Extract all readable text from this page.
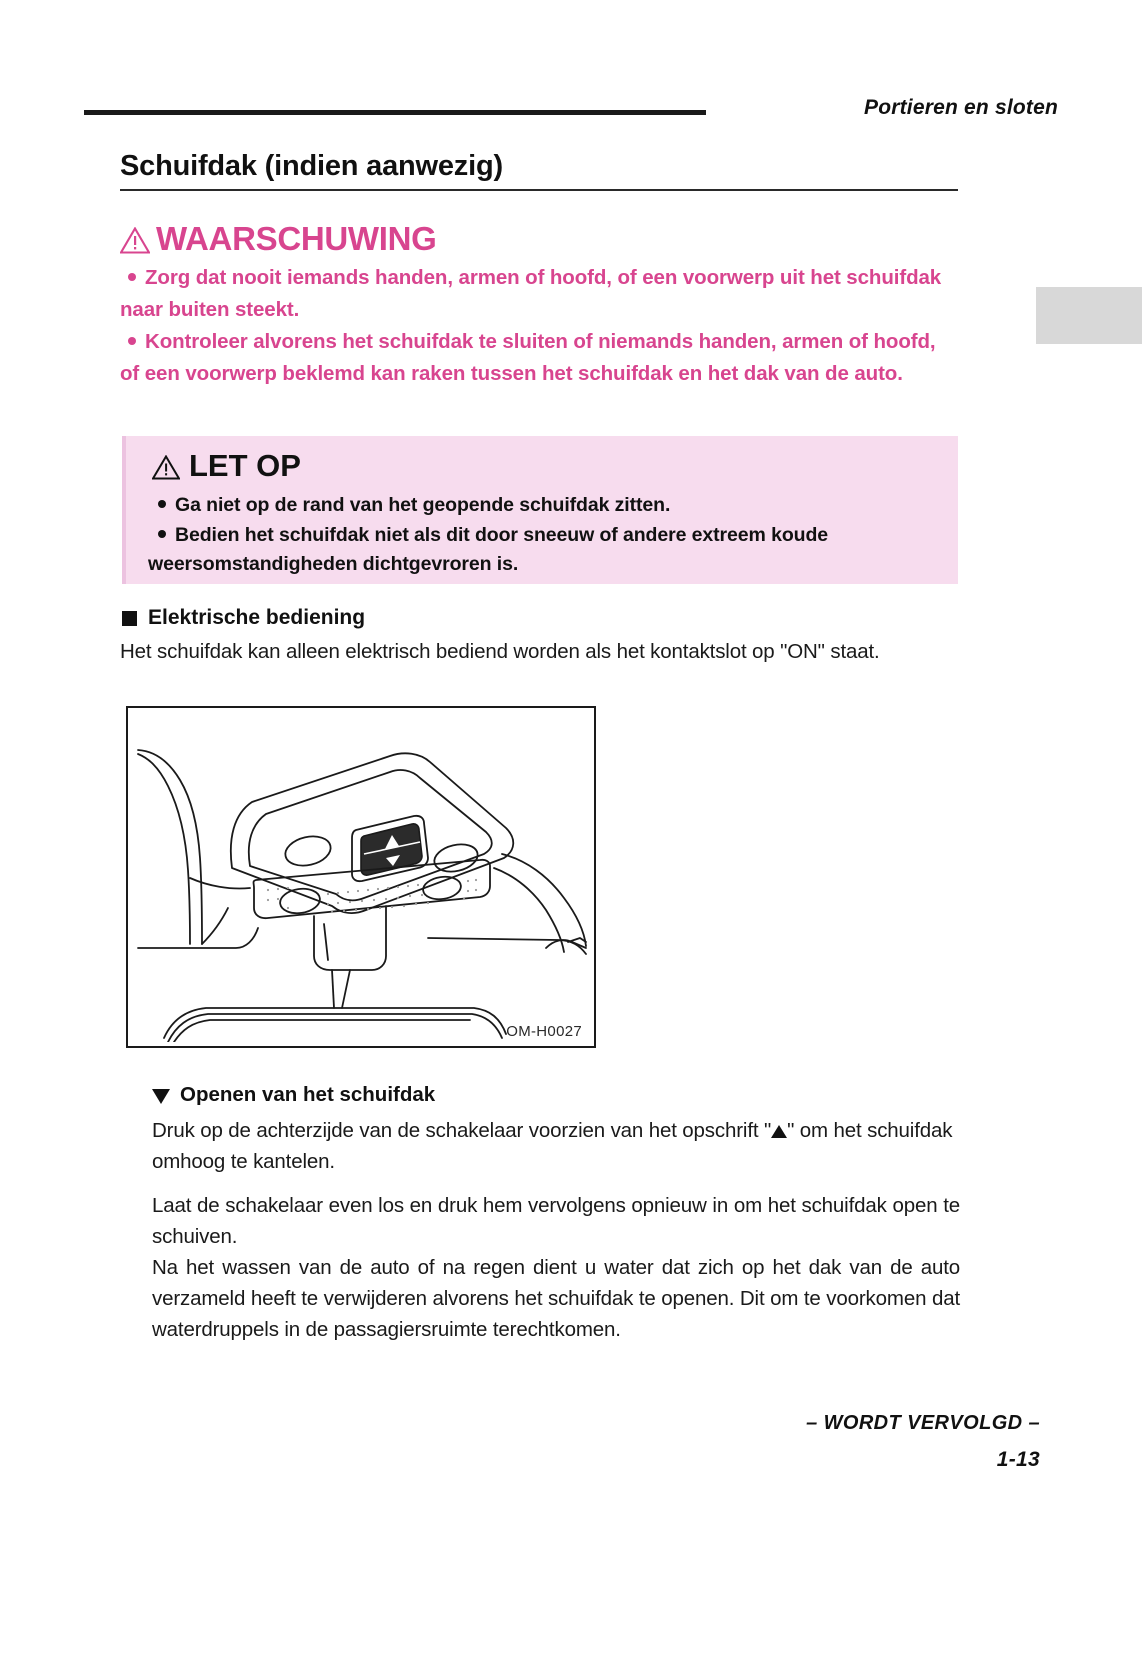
Portieren en sloten
Schuifdak (indien aanwezig)
WAARSCHUWING
Zorg dat nooit iemands handen, armen of hoofd, of een voorwerp uit het schuifdak naar buiten steekt.
Kontroleer alvorens het schuifdak te sluiten of niemands handen, armen of hoofd, of een voorwerp beklemd kan raken tussen het schuifdak en het dak van de auto.
LET OP
Ga niet op de rand van het geopende schuifdak zitten.
Bedien het schuifdak niet als dit door sneeuw of andere extreem koude weersomstandigheden dichtgevroren is.
Elektrische bediening
Het schuifdak kan alleen elektrisch bediend worden als het kontaktslot op "ON" staat.
OM-H0027
Openen van het schuifdak
Druk op de achterzijde van de schakelaar voorzien van het opschrift " " om het schuifdak omhoog te kantelen.
Laat de schakelaar even los en druk hem vervolgens opnieuw in om het schuifdak open te schuiven.
Na het wassen van de auto of na regen dient u water dat zich op het dak van de auto verzameld heeft te verwijderen alvorens het schuifdak te openen. Dit om te voorkomen dat waterdruppels in de passagiersruimte terechtkomen.
– WORDT VERVOLGD –
1-13
